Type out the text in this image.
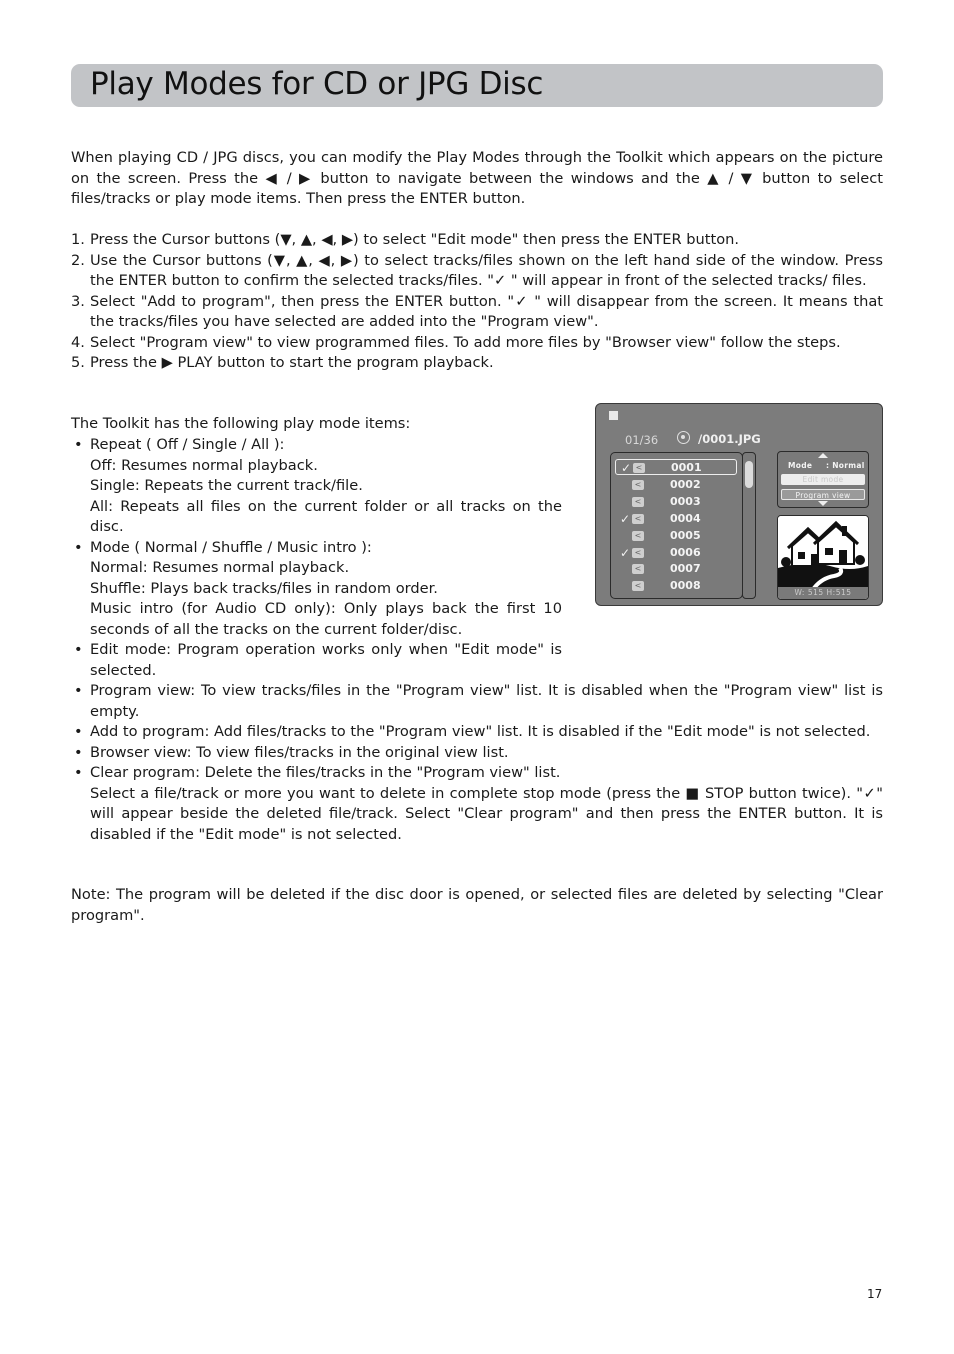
Play Modes for CD or JPG Disc
When playing CD / JPG discs, you can modify the Play Modes through the Toolkit which appears on the picture on the screen. Press the ◀ / ▶ button to navigate between the windows and the ▲ / ▼ button to select files/tracks or play mode items. Then press the ENTER button.
1. Press the Cursor buttons (▼, ▲, ◀, ▶) to select "Edit mode" then press the ENTER button.
2. Use the Cursor buttons (▼, ▲, ◀, ▶) to select tracks/files shown on the left hand side of the window. Press the ENTER button to confirm the selected tracks/files. "✓ " will appear in front of the selected tracks/ files.
3. Select "Add to program", then press the ENTER button. "✓ " will disappear from the screen. It means that the tracks/files you have selected are added into the "Program view".
4. Select "Program view" to view programmed files. To add more files by "Browser view" follow the steps.
5. Press the ▶ PLAY button to start the program playback.
The Toolkit has the following play mode items:
• Repeat ( Off / Single / All ):
Off: Resumes normal playback.
Single: Repeats the current track/file.
All: Repeats all files on the current folder or all tracks on the disc.
• Mode ( Normal / Shuffle / Music intro ):
Normal: Resumes normal playback.
Shuffle: Plays back tracks/files in random order.
Music intro (for Audio CD only): Only plays back the first 10 seconds of all the tracks on the current folder/disc.
• Edit mode: Program operation works only when "Edit mode" is selected.
• Program view: To view tracks/files in the "Program view" list. It is disabled when the "Program view" list is empty.
• Add to program: Add files/tracks to the "Program view" list. It is disabled if the "Edit mode" is not selected.
• Browser view: To view files/tracks in the original view list.
• Clear program: Delete the files/tracks in the "Program view" list.
Select a file/track or more you want to delete in complete stop mode (press the ■ STOP button twice). "✓" will appear beside the deleted file/track. Select "Clear program" and then press the ENTER button. It is disabled if the "Edit mode" is not selected.
Note: The program will be deleted if the disc door is opened, or selected files are deleted by selecting "Clear program".
01/36	/0001.JPG
✓ <	0001
<	0002
<	0003
✓ <	0004
<	0005
✓ <	0006
<	0007
<	0008
Mode : Normal
Edit mode
Program view
W: 515 H:515
17
